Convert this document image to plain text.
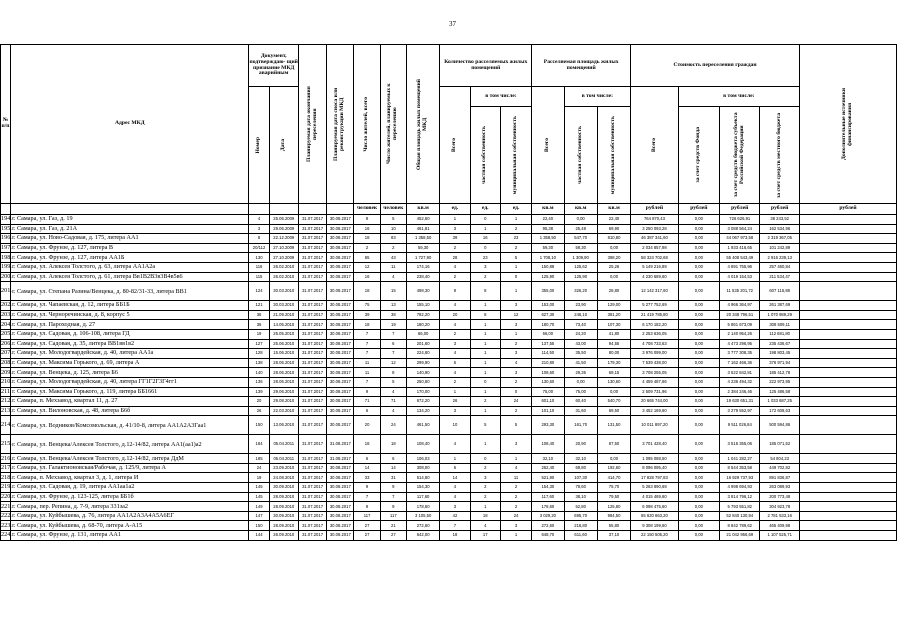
37
№ п/п	Адрес МКД	Документ, подтверждаю- щий признание МКД аварийным		Планируемая дата окончания переселения	Планируемая дата сноса или реконструкции МКД	Число жителей, всего	Число жителей, планируемых к переселению	Общая площадь жилых помещений МКД	Количество расселяемых жилых помещений			Расселяемая площадь жилых помещений			Стоимость переселения граждан				Дополнительные источники финансирования

		Номер	Дата						Всего	в том числе:		Всего	в том числе:		Всего	в том числе:			

										частная собственность	муниципальная собственность		частная собственность	муниципальная собственность		за счет средств Фонда	за счет средств бюджета субъекта Российской Федерации	за счет средств местного бюджета	

						человек	человек	кв.м	ед.	ед.	ед.	кв.м	кв.м	кв.м	рублей	рублей	рублей	рублей	рублей
194.	г. Самара, ул. Газ, д. 19	4	25.06.2009	31.07.2017	30.08.2017	9	5	452,60	1	0	1	22,40	0,00	22,40	764 870,43	0,00	726 626,91	38 243,52	
195.	г. Самара, ул. Газ, д. 21А	3	29.06.2009	31.07.2017	30.08.2017	16	10	461,81	3	1	2	95,38	25,48	69,90	3 250 093,28	0,00	3 088 564,24	162 534,96	
196.	г. Самара, ул. Ново-Садовая, д. 175, литера АА1	8	22.12.2009	31.07.2017	30.08.2017	18	83	1 358,50	39	16	23	1 358,50	547,70	810,80	46 387 341,60	0,00	44 067 973,58	2 319 367,05	
197.	г. Самара, ул. Фрунзе, д. 127, литера В	20/112	27.10.2009	31.07.2017	30.08.2017	2	2	59,30	2	0	2	59,30	59,30	0,00	2 034 857,98	0,00	1 933 416,65	101 242,89	
198.	г. Самара, ул. Фрунзе, д. 127, литера АА1Б	130	27.10.2009	31.07.2017	30.08.2017	65	43	1 727,90	28	23	5	1 708,10	1 309,90	398,20	58 324 702,68	0,00	55 408 543,49	2 916 239,13	
199.	г. Самара, ул. Алексея Толстого, д. 63, литера АА1А2а	116	26.02.2010	31.07.2017	30.08.2017	12	11	174,16	4	3	1	150,88	125,62	25,26	5 149 216,89	0,00	4 891 755,96	257 460,84	
200.	г. Самара, ул. Алексея Толстого, д. 61, литера Вв1В2В3в3В4в5в6	115	26.02.2010	31.07.2017	30.08.2017	16	4	238,40	2	2	0	125,90	125,90	0,00	4 230 689,60	0,00	4 019 154,53	211 534,47	
201.	г. Самара, ул. Степана Разина/Венцека, д. 80-82/31-33, литера ВВ1	124	30.03.2010	31.07.2017	30.08.2017	18	15	498,30	9	8	1	355,00	326,20	28,80	12 142 317,60	0,00	11 535 201,72	607 115,88	
202.	г. Самара, ул. Чапаевская, д. 12, литера ББ1Б	121	30.03.2010	31.07.2017	30.08.2017	75	13	155,10	4	1	3	153,00	23,90	129,00	5 277 752,69	0,00	4 966 364,97	261 387,69	
203.	г. Самара, ул. Черноречинская, д. 8, корпус 5	36	21.09.2010	31.07.2017	30.08.2017	39	38	782,20	20	8	12	627,30	246,10	381,20	21 419 785,80	0,00	20 348 796,51	1 070 989,29	
204.	г. Самара, ул. Пароходная, д. 27	36	14.05.2010	31.07.2017	30.08.2017	18	19	180,20	4	1	3	180,70	73,40	107,30	6 170 182,20	0,00	5 861 673,09	308 509,11	
205.	г. Самара, ул. Садовая, д. 106-108, литера ГД	19	25.05.2010	31.07.2017	30.08.2017	7	7	66,00	2	1	1	66,00	24,20	41,80	2 253 636,05	0,00	2 140 954,26	112 681,80	
206.	г. Самара, ул. Садовая, д. 35, литера ВВ1вв1в2	127	25.06.2010	31.07.2017	30.08.2017	7	6	201,60	3	1	2	137,55	43,00	94,55	4 708 733,63	0,00	4 473 296,95	235 436,67	
207.	г. Самара, ул. Молодогвардейская, д. 40, литера АА1а	128	15.06.2010	31.07.2017	30.08.2017	7	7	224,80	4	1	3	114,50	35,50	80,00	3 976 099,00	0,00	3 777 308,35	198 803,45	
208.	г. Самара, ул. Максима Горького, д. 69, литера А	138	28.06.2010	31.07.2017	30.08.2017	11	12	299,90	5	1	4	210,80	41,50	179,30	7 539 438,00	0,00	7 162 466,36	376 971,94	
209.	г. Самара, ул. Венцека, д. 125, литера Б6	140	28.06.2010	31.07.2017	30.08.2017	11	8	140,90	4	1	3	108,60	29,35	69,15	3 708 255,05	0,00	3 522 842,81	185 412,78	
210.	г. Самара, ул. Молодогвардейская, д. 40, литера ГГ1Г2Г3Г4гг1	136	28.06.2010	31.07.2017	30.08.2017	7	5	250,80	2	0	2	130,60	0,00	130,60	4 459 487,66	0,00	4 236 494,32	222 973,95	
211.	г. Самара, ул. Максима Горького, д. 119, литера ББ1661	139	29.06.2010	31.07.2017	30.08.2017	9	4	170,00	1	1	0	75,00	75,00	0,00	2 509 731,96	0,00	2 384 246,46	125 486,58	
212.	г. Самара, п. Мехзавод, квартал 11, д. 27	20	29.08.2010	31.07.2017	30.08.2017	71	71	672,20	26	2	24	601,10	60,40	540,70	20 665 744,00	0,00	19 630 651,31	1 033 687,25	
213.	г. Самара, ул. Вилоновская, д. 48, литера Б6б	26	22.03.2010	31.07.2017	30.08.2017	6	4	134,20	3	1	2	101,10	31,60	69,50	3 452 169,60	0,00	3 279 552,97	172 608,63	
214.	г. Самара, ул. Водников/Комсомольская, д. 41/10-8, литера АА1А2А3Гаа1	150	13.06.2010	31.07.2017	30.08.2017	20	24	461,50	10	5	5	293,30	161,70	131,50	10 011 897,20	0,00	9 511 026,84	500 594,86	
215.	г. Самара, ул. Венцека/Алексея Толстого, д.12-14/82, литера АА1(аа1)а2	184	05.04.2011	31.07.2017	31.08.2017	18	18	108,40	4	1	3	108,40	20,90	87,50	3 701 428,40	0,00	3 516 355,06	185 071,52	
216.	г. Самара, ул. Венцека/Алексея Толстого, д.12-14/82, литера ДдМ	185	05.04.2011	31.07.2017	31.08.2017	6	6	106,03	1	0	1	32,10	32,10	0,00	1 095 088,50	0,00	1 041 282,27	54 804,23	
217.	г. Самара, ул. Галактионовская/Рабочая, д. 125/9, литера А	24	23.09.2010	31.07.2017	30.08.2017	14	14	308,00	6	2	4	262,40	69,80	192,60	8 096 095,40	0,00	8 544 353,58	449 702,82	
218.	г. Самара, п. Мехзавод, квартал 3, д. 1, литера И	19	24.08.2010	31.07.2017	30.08.2017	33	31	514,80	14	3	11	521,90	107,30	414,70	17 828 797,83	0,00	16 929 737,93	891 836,87	
219.	г. Самара, ул. Садовая, д. 19, литера АА1аа1а2	145	30.09.2010	31.07.2017	30.08.2017	9	9	154,30	4	2	2	154,30	78,60	75,70	5 263 890,69	0,00	4 998 694,93	263 089,93	
220.	г. Самара, ул. Фрунзе, д. 123-125, литера ББ1б	145	28.09.2010	31.07.2017	30.08.2017	7	7	117,60	4	2	2	117,60	38,10	79,50	4 015 469,60	0,00	3 814 796,12	200 773,48	
221.	г. Самара, пер. Репина, д. 7-9, литера 331за2	149	28.09.2010	31.07.2017	30.08.2017	9	9	178,60	3	1	2	178,60	52,80	125,80	6 098 475,60	0,00	5 793 551,82	304 923,78	
222.	г. Самара, ул. Куйбышева, д. 76, литера АА1А2А3А4А5А6ЕГ	147	30.09.2010	31.07.2017	30.08.2017	117	117	3 105,50	42	18	24	3 029,20	695,70	984,50	55 620 663,20	0,00	52 840 130,94	2 781 533,16	
223.	г. Самара, ул. Куйбышева, д. 68-70, литера А-А15	150	28.09.2010	31.07.2017	30.08.2017	27	21	272,60	7	4	3	272,60	216,80	55,80	9 308 199,60	0,00	8 842 789,62	465 409,98	
224.	г. Самара, ул. Фрунзе, д. 131, литера АА1	144	26.09.2010	31.07.2017	30.08.2017	27	27	642,00	18	17	1	648,70	611,60	37,10	22 150 505,20	0,00	21 042 956,69	1 107 525,71	
